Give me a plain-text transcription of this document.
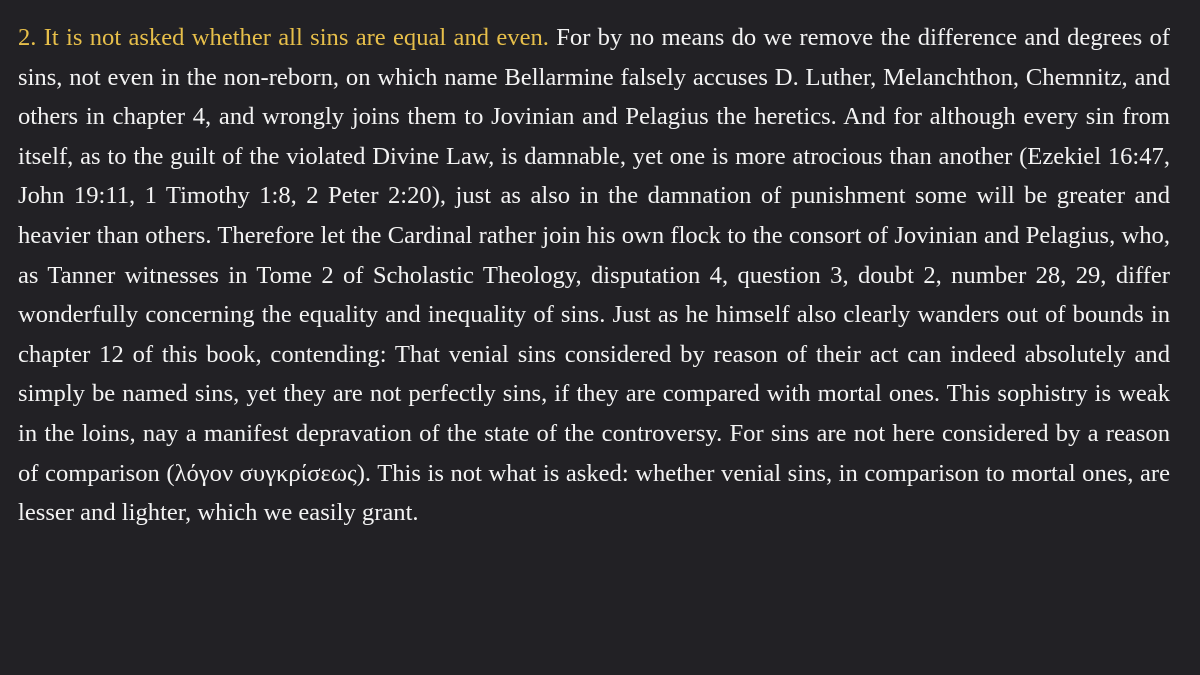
2. It is not asked whether all sins are equal and even. For by no means do we remove the difference and degrees of sins, not even in the non-reborn, on which name Bellarmine falsely accuses D. Luther, Melanchthon, Chemnitz, and others in chapter 4, and wrongly joins them to Jovinian and Pelagius the heretics. And for although every sin from itself, as to the guilt of the violated Divine Law, is damnable, yet one is more atrocious than another (Ezekiel 16:47, John 19:11, 1 Timothy 1:8, 2 Peter 2:20), just as also in the damnation of punishment some will be greater and heavier than others. Therefore let the Cardinal rather join his own flock to the consort of Jovinian and Pelagius, who, as Tanner witnesses in Tome 2 of Scholastic Theology, disputation 4, question 3, doubt 2, number 28, 29, differ wonderfully concerning the equality and inequality of sins. Just as he himself also clearly wanders out of bounds in chapter 12 of this book, contending: That venial sins considered by reason of their act can indeed absolutely and simply be named sins, yet they are not perfectly sins, if they are compared with mortal ones. This sophistry is weak in the loins, nay a manifest depravation of the state of the controversy. For sins are not here considered by a reason of comparison (λόγον συγκρίσεως). This is not what is asked: whether venial sins, in comparison to mortal ones, are lesser and lighter, which we easily grant.
